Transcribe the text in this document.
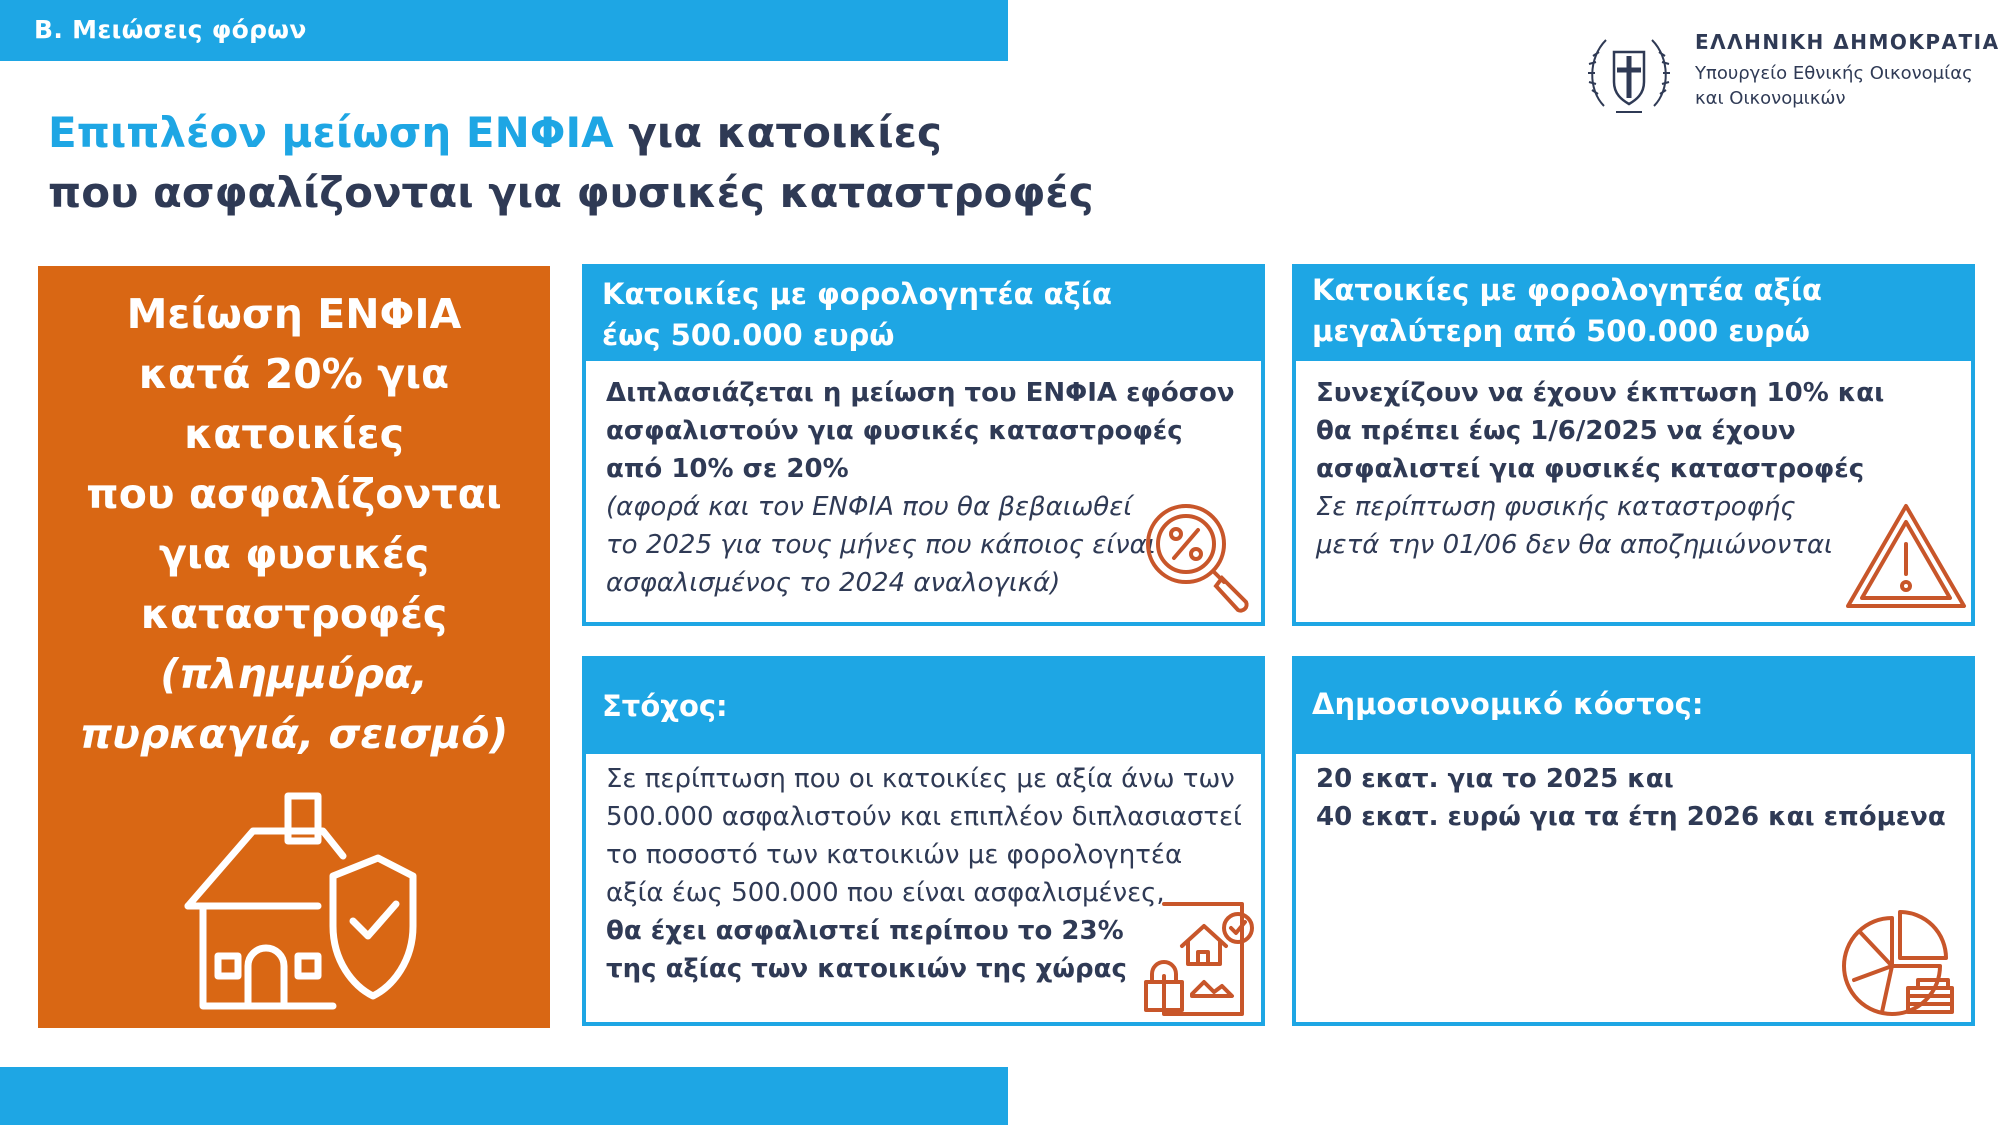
Β. Μειώσεις φόρων	ΕΛΛΗΝΙΚΗ ΔΗΜΟΚΡΑΤΙΑ
Υπουργείο Εθνικής Οικονομίας
και Οικονομικών
Επιπλέον μείωση ΕΝΦΙΑ για κατοικίες
που ασφαλίζονται για φυσικές καταστροφές
Μείωση ΕΝΦΙΑ
κατά 20% για
κατοικίες
που ασφαλίζονται
για φυσικές
καταστροφές
(πλημμύρα,
πυρκαγιά, σεισμό)
Κατοικίες με φορολογητέα αξία
έως 500.000 ευρώ
Διπλασιάζεται η μείωση του ΕΝΦΙΑ εφόσον
ασφαλιστούν για φυσικές καταστροφές
από 10% σε 20%
(αφορά και τον ΕΝΦΙΑ που θα βεβαιωθεί
το 2025 για τους μήνες που κάποιος είναι
ασφαλισμένος το 2024 αναλογικά)
Κατοικίες με φορολογητέα αξία
μεγαλύτερη από 500.000 ευρώ
Συνεχίζουν να έχουν έκπτωση 10% και
θα πρέπει έως 1/6/2025 να έχουν
ασφαλιστεί για φυσικές καταστροφές
Σε περίπτωση φυσικής καταστροφής
μετά την 01/06 δεν θα αποζημιώνονται
Στόχος:
Σε περίπτωση που οι κατοικίες με αξία άνω των
500.000 ασφαλιστούν και επιπλέον διπλασιαστεί
το ποσοστό των κατοικιών με φορολογητέα
αξία έως 500.000 που είναι ασφαλισμένες,
θα έχει ασφαλιστεί περίπου το 23%
της αξίας των κατοικιών της χώρας
Δημοσιονομικό κόστος:
20 εκατ. για το 2025 και
40 εκατ. ευρώ για τα έτη 2026 και επόμενα
